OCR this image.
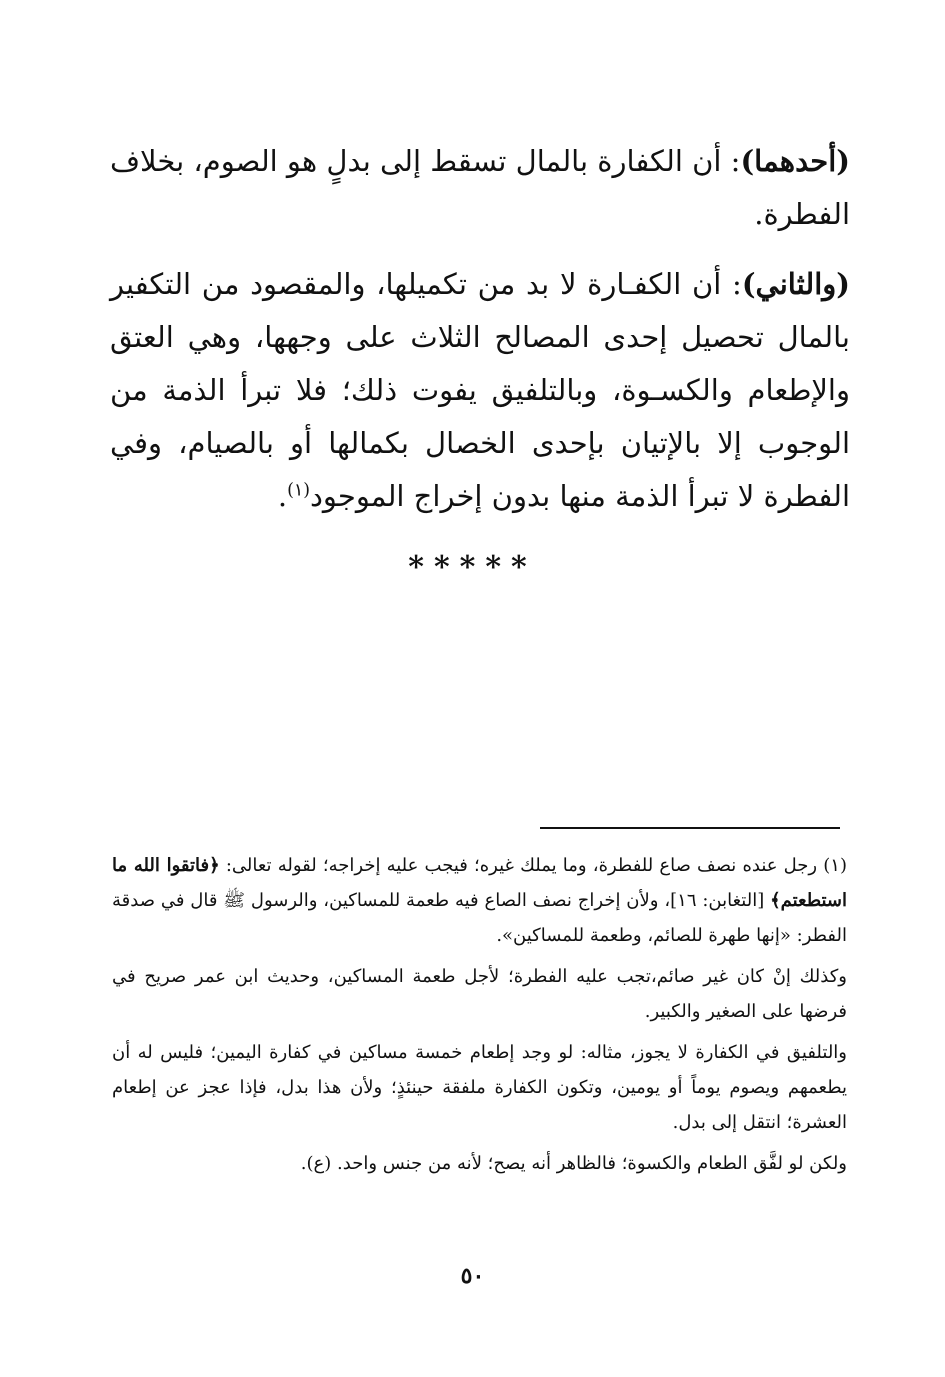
(أحدهما): أن الكفارة بالمال تسقط إلى بدلٍ هو الصوم، بخلاف الفطرة.

(والثاني): أن الكفـارة لا بد من تكميلها، والمقصود من التكفير بالمال تحصيل إحدى المصالح الثلاث على وجهها، وهي العتق والإطعام والكسـوة، وبالتلفيق يفوت ذلك؛ فلا تبرأ الذمة من الوجوب إلا بالإتيان بإحدى الخصال بكمالها أو بالصيام، وفي الفطرة لا تبرأ الذمة منها بدون إخراج الموجود$^{(١)}$.

*****

(١) رجل عنده نصف صاع للفطرة، وما يملك غيره؛ فيجب عليه إخراجه؛ لقوله تعالى: ﴿فاتقوا الله ما استطعتم﴾ [التغابن: ١٦]، ولأن إخراج نصف الصاع فيه طعمة للمساكين، والرسول ﷺ قال في صدقة الفطر: «إنها طهرة للصائم، وطعمة للمساكين».

وكذلك إنْ كان غير صائم،تجب عليه الفطرة؛ لأجل طعمة المساكين، وحديث ابن عمر صريح في فرضها على الصغير والكبير.

والتلفيق في الكفارة لا يجوز، مثاله: لو وجد إطعام خمسة مساكين في كفارة اليمين؛ فليس له أن يطعمهم ويصوم يوماً أو يومين، وتكون الكفارة ملفقة حينئذٍ؛ ولأن هذا بدل، فإذا عجز عن إطعام العشرة؛ انتقل إلى بدل.

ولكن لو لفَّق الطعام والكسوة؛ فالظاهر أنه يصح؛ لأنه من جنس واحد. (ع).

٥٠
